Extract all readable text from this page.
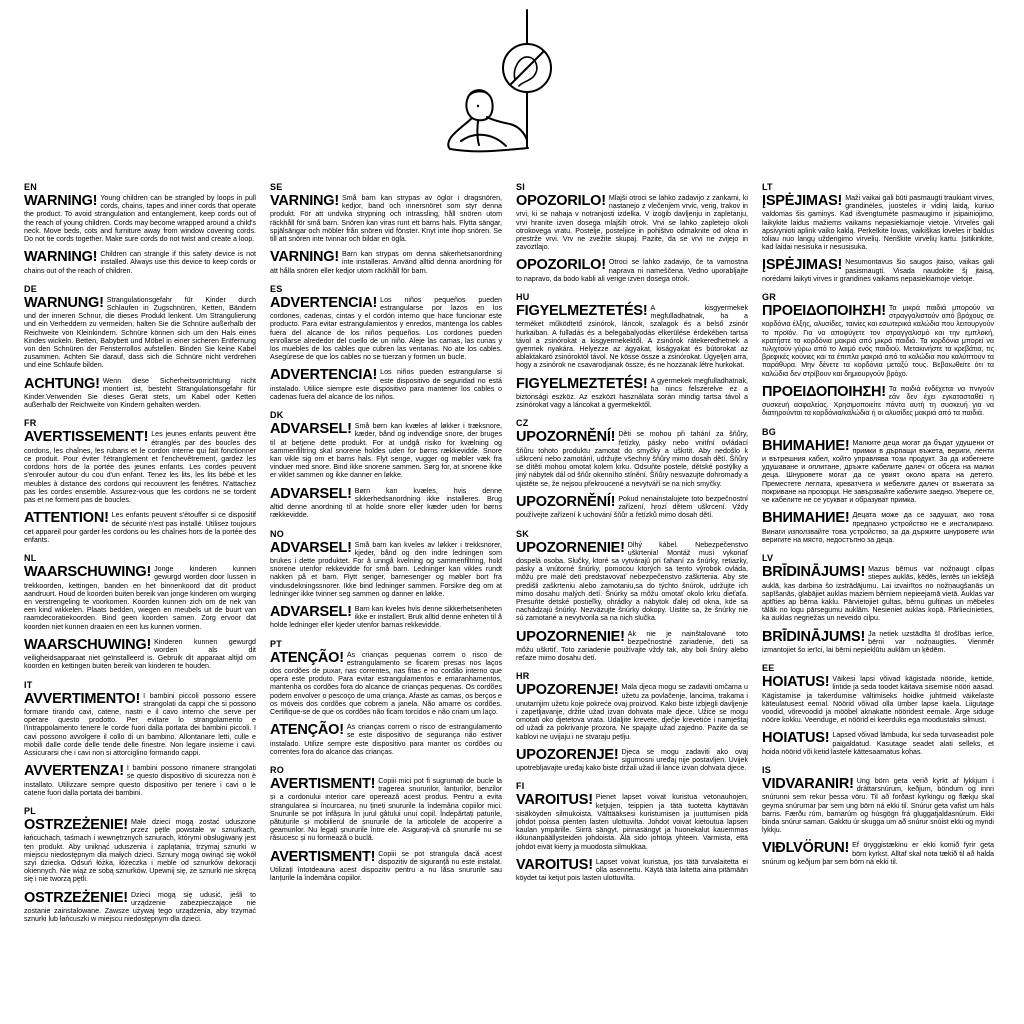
EN
WARNING! Young children can be strangled by loops in pull cords, chains, tapes and inner cords that operate the product. To avoid strangulation and entanglement, keep cords out of the reach of young children. Cords may become wrapped around a child's neck. Move beds, cots and furniture away from window covering cords. Do not tie cords together. Make sure cords do not twist and create a loop.
WARNING! Children can strangle if this safety device is not installed. Always use this device to keep cords or chains out of the reach of children.
DE
WARNUNG! Strangulationsgefahr für Kinder durch Schlaufen in Zugschnüren, Ketten, Bändern und der inneren Schnur, die dieses Produkt lenkent. Um Strangulierung und ein Verheddern zu vermeiden, halten Sie die Schnüre außerhalb der Reichweite von Kleinkindern. Schnüre können sich um den Hals eines Kindes wickeln. Betten, Babybett und Möbel in einer sicheren Entfernung von den Schnüren der Fensterrollos aufstellen. Binden Sie keine Kabel zusammen. Achten Sie darauf, dass sich die Schnüre nicht verdrehen und eine Schlaufe bilden.
ACHTUNG! Wenn diese Sicherheitsvorrichtung nicht montiert ist, besteht Strangulationsgefahr für Kinder.Verwenden Sie dieses Gerät stets, um Kabel oder Ketten außerhalb der Reichweite von Kindern gehalten werden.
FR
AVERTISSEMENT! Les jeunes enfants peuvent être étranglés par des boucles des cordons, les chaînes, les rubans et le cordon interne qui fait fonctionner ce produit. Pour éviter l'étranglement et l'enchevêtrement, gardez les cordons hors de la portée des jeunes enfants. Les cordes peuvent s'enrouler autour du cou d'un enfant. Tenez les lits, les lits bébé et les meubles à distance des cordons qui recouvrent les fenêtres. N'attachez pas les cordes ensemble. Assurez-vous que les cordons ne se tordent pas et ne forment pas de boucles.
ATTENTION! Les enfants peuvent s'étouffer si ce dispositif de sécurité n'est pas installé. Utilisez toujours cet appareil pour garder les cordons ou les chaînes hors de la portée des enfants.
NL
WAARSCHUWING! Jonge kinderen kunnen gewurgd worden door lussen in trekkoorden, kettingen, banden en het binnenkoord dat dit product aandruurt. Houd de koorden buiten bereik van jonge kinderen om wurging en verstrengeling te voorkomen. Koorden kunnen zich om de nek van een kind wikkelen. Plaats bedden, wiegen en meubels uit de buurt van raamdecoratiekoorden. Bind geen koorden samen. Zorg ervoor dat koorden niet kunnen draaien en een lus kunnen vormen.
WAARSCHUWING! Kinderen kunnen gewurgd worden als dit veiligheidsapparaat niet geïnstalleerd is. Gebruik dit apparaat altijd om koorden en kettingen buiten bereik van kinderen te houden.
IT
AVVERTIMENTO! I bambini piccoli possono essere strangolati da cappi che si possono formare tirando cavi, catene, nastri e il cavo interno che serve per operare questo prodotto. Per evitare lo strangolamento e l'intrappolamento tenere le corde fuori dalla portata dei bambini piccoli. I cavi possono avvolgere il collo di un bambino. Allontanare letti, culle e mobili dalle corde delle tende delle finestre. Non legare insieme i cavi. Assicurarsi che i cavi non si attorciglino formando cappi.
AVVERTENZA! I bambini possono rimanere strangolati se questo dispositivo di sicurezza non è installato. Utilizzare sempre questo dispositivo per tenere i cavi o le catene fuori dalla portata dei bambini.
PL
OSTRZEŻENIE! Małe dzieci mogą zostać uduszone przez pętle powstałe w sznurkach, łańcuchach, taśmach i wewnętrznych sznurach, którymi obsługiwany jest ten produkt. Aby uniknąć uduszenia i zaplątania, trzymaj sznurki w miejscu niedostępnym dla małych dzieci. Sznury mogą owinąć się wokół szyi dziecka. Odsuń łóżka, łóżeczka i meble od sznurków dekoracji okiennych. Nie wiąż ze sobą sznurków. Upewnij się, że sznurki nie skręcą się i nie tworzą pętli.
OSTRZEŻENIE! Dzieci mogą się udusić, jeśli to urządzenie zabezpieczające nie zostanie zainstalowane. Zawsze używaj tego urządzenia, aby trzymać sznurki lub łańcuszki w miejscu niedostępnym dla dzieci.
SE
VARNING! Små barn kan strypas av öglor i dragsnören, kedjor, band och innersnöret som styr denna produkt. För att undvika strypning och intrassling, håll snören utom räckhåll för små barn. Snören kan viras runt ett barns hals. Flytta sängar, spjälsängar och möbler från snören vid fönster. Knyt inte ihop snören. Se till att snören inte tvinnar och bildar en ögla.
VARNING! Barn kan strypas om denna säkerhetsanordning inte installeras. Använd alltid denna anordning för att hålla snören eller kedjor utom räckhåll för barn.
ES
ADVERTENCIA! Los niños pequeños pueden estrangularse por lazos en los cordones, cadenas, cintas y el cordón interno que hace funcionar este producto. Para evitar estrangulamientos y enredos, mantenga los cables fuera del alcance de los niños pequeños. Los cordones pueden enrollarse alrededor del cuello de un niño. Aleje las camas, las cunas y los muebles de los cables que cubren las ventanas. No ate los cables. Asegúrese de que los cables no se tuerzan y formen un bucle.
ADVERTENCIA! Los niños pueden estrangularse si este dispositivo de seguridad no está instalado. Utilice siempre este dispositivo para mantener los cables o cadenas fuera del alcance de los niños.
DK
ADVARSEL! Små børn kan kvæles af løkker i træksnore, kæder, bånd og indvendige snore, der bruges til at betjene dette produkt. For at undgå risiko for kvælning og sammenfiltring skal snorene holdes uden for børns rækkevidde. Snore kan vikle sig om et barns hals. Flyt senge, vugger og møbler væk fra vinduer med snore. Bind ikke snorene sammen. Sørg for, at snorene ikke er viklet sammen og ikke danner en løkke.
ADVARSEL! Børn kan kvæles, hvis denne sikkerhedsanordning ikke installeres. Brug altid denne anordning til at holde snore eller kæder uden for børns rækkevidde.
NO
ADVARSEL! Små barn kan kveles av løkker i trekksnorer, kjeder, bånd og den indre ledningen som brukes i dette produktet. For å unngå kvelning og sammenfiltring, hold snorene utenfor rekkevidde for små barn. Ledninger kan vikles rundt nakken på et barn. Flytt senger, barnesenger og møbler bort fra vindusdekningssnorer. Ikke bind ledninger sammen. Forsikre deg om at ledninger ikke tvinner seg sammen og danner en løkke.
ADVARSEL! Barn kan kveles hvis denne sikkerhetsenheten ikke er installert. Bruk alltid denne enheten til å holde ledninger eller kjeder utenfor barnas rekkevidde.
PT
ATENÇÃO! As crianças pequenas correm o risco de estrangulamento se ficarem presas nos laços dos cordões de puxar, nas correntes, nas fitas e no cordão interno que opera este produto. Para evitar estrangulamentos e emaranhamentos, mantenha os cordões fora do alcance de crianças pequenas. Os cordões podem envolver o pescoço de uma criança. Afaste as camas, os berços e os móveis dos cordões que cobrem a janela. Não amarre os cordões. Certifique-se de que os cordões não ficam torcidos e não criam um laço.
ATENÇÃO! As crianças correm o risco de estrangulamento se este dispositivo de segurança não estiver instalado. Utilize sempre este dispositivo para manter os cordões ou correntes fora do alcance das crianças.
RO
AVERTISMENT! Copiii mici pot fi sugrumați de bucle la tragerea snururilor, lanțurilor, benzilor și a cordonului interior care operează acest produs. Pentru a evita strangularea si încurcarea, nu țineți snururile la îndemâna copiilor mici. Snururile se pot înfășura în jurul gâtului unui copil. Îndepărtați paturile, pătuțurile și mobilierul de șnururile de la articolele de acoperire a geamurilor. Nu legați șnururile între ele. Asigurați-vă că șnururile nu se răsucesc și nu formează o buclă.
AVERTISMENT! Copiii se pot strangula dacă acest dispozitiv de siguranță nu este instalat. Utilizați întotdeauna acest dispozitiv pentru a nu lăsa snururile sau lanțurile la îndemâna copiilor.
SI
OPOZORILO! Mlajši otroci se lahko zadavijo z zankami, ki nastanejo z vlečenjem vrvic, verig, trakov in vrvi, ki se nahaja v notranjosti izdelka. V izogib davljenju in zapletanju, vrvi hranite izven dosega mlajših otrok. Vrvi se lahko zapletejo okoli otrokovega vratu. Postelje, posteljice in pohištvo odmaknite od okna in prestrže vrvi. Vrv ne zvežite skupaj. Pazite, da se vrvi ne zvijejo in zavoztlajo.
OPOZORILO! Otroci se lahko zadavijo, če ta varnostna naprava ni nameščena. Vedno uporabljajte to napravo, da bodo kabli ali verige izven dosega otrok.
HU
FIGYELMEZTETÉS! A kisgyermekek megfulladhatnak, ha a terméket működtető zsinórok, láncok, szalagok és a belső zsinór hurkaiban. A fulladás és a belegabalyodás elkerülése érdekében tartsa távol a zsinórokat a kisgyermekektől. A zsinórok rátekeredhetnek a gyermek nyakára. Helyezze az ágyakat, kiságyakat és bútorokat az ablaktakaró zsinóroktól távol. Ne kösse össze a zsinórokat. Ügyeljen arra, hogy a zsinórok ne csavarodjanak össze, és ne hozzanak létre hurkokat.
FIGYELMEZTETÉS! A gyermekek megfulladhatnak, ha nincs felszerelve ez a biztonsági eszköz. Az eszközt használata során mindig tartsa távol a zsinórokat vagy a láncokat a gyermekektől.
CZ
UPOZORNĚNÍ! Děti se mohou při tahání za šňůry, řetízky, pásky nebo vnitřní ovládací šňůru tohoto produktu zamotat do smyčky a uškrtit. Aby nedošlo k uškrcení nebo zamotání, udržujte všechny šňůry mimo dosah dětí. Šňůry se dítěti mohou omotat kolem krku. Odsuňte postele, dětské postýlky a jiný nábytek dál od šňůr okenního stínění. Šňůry nesvazujte dohromady a ujistěte se, že nejsou překroucené a nevytváří se na nich smyčky.
UPOZORNĚNÍ! Pokud nenainstalujete toto bezpečnostní zařízení, hrozí dětem uškrcení. Vždy používejte zařízení k uchování šňůr a řetízků mimo dosah dětí.
SK
UPOZORNENIE! Dlhý kábel. Nebezpečenstvo uškrtenia! Montáž musí vykonať dospelá osoba. Slučky, ktoré sa vytvárajú pri ťahaní za šnúrky, retiazky, pásky a vnútorné šnúrky, pomocou ktorých sa tento výrobok ovláda, môžu pre malé deti predstavovať nebezpečenstvo zaškrtenia. Aby ste predišli zaškrteniu alebo zamotaniu,sa do týchto šnúrok, udržujte ich mimo dosahu malých detí. Šnúrky sa môžu omotať okolo krku dieťaťa. Presuňte detské postieľky, ohrádky a nábytok ďalej od okna, kde sa nachádzajú šnúrky. Nezväzujte šnúrky dokopy. Uistite sa, že šnúrky nie sú zamotané a nevytvorila sa na nich slučka.
UPOZORNENIE! Ak nie je nainštalované toto bezpečnostné zariadenie, deti sa môžu uškrtiť. Toto zariadenie používajte vždy tak, aby boli šnúry alebo reťaze mimo dosahu detí.
HR
UPOZORENJE! Mala djeca mogu se zadaviti omčama u užetu za povlačenje, lancima, trakama i unutarnjim užetu koje pokreće ovaj proizvod. Kako biste izbjegli davljenje i zapetljavanje, držite užad izvan dohvata male djece. Užice se mogu omotati oko djetetova vrata. Udaljite krevete, dječje krevetiće i namještaj od užadi za pokrivanje prozora. Ne spajajte užad zajedno. Pazite da se kablovi ne uvijaju i ne stvaraju petlju.
UPOZORENJE! Djeca se mogu zadaviti ako ovaj sigurnosni uređaj nije postavljen. Uvijek upotrebljavajte uređaj kako biste držali užad ili lance izvan dohvata djece.
FI
VAROITUS! Pienet lapset voivat kuristua vetonauhojen, ketjujen, teippien ja tätä tuotetta käyttävän sisäköyden silmukoista. Välttääksesi kuristumisen ja juuttumisen pidä johdot poissa pienten lasten ulottuvilta. Johdot voivat kietoutua lapsen kaulan ympärille. Siirrä sängyt, pinnasängyt ja huonekalut kauemmas ikkunanpäällysteiden johdoista. Älä sido johtoja yhteen. Varmista, että johdot eivät kierry ja muodosta silmukkaa.
VAROITUS! Lapset voivat kuristua, jos tätä turvalaitetta ei olla asennettu. Käytä tätä laitetta aina pitämään köydet tai ketjut pois lasten ulottuvilta.
LT
ĮSPĖJIMAS! Maži vaikai gali būti pasmaugti traukiant virves, grandinėles, juosteles ir vidinį laidą, kuriuo valdomas šis gaminys. Kad išvengtumėte pasmaugimo ir įsipainiojimo, laikykite laidus mažiems vaikams nepasiekiamoje vietoje. Virvelės gali apsivynioti aplink vaiko kaklą. Perkelkite lovas, vaikiškas loveles ir baldus toliau nuo langų uždengimo virvelių. Neriškite virvelių kartu. Įsitikinkite, kad laidai nesisuka ir nesusisuka.
ĮSPĖJIMAS! Nesumontavus šio saugos įtaiso, vaikas gali pasismaugti. Visada naudokite šį įtaisą, norėdami laikyti virves ir grandines vaikams nepasiekiamoje vietoje.
GR
ΠΡΟΕΙΔΟΠΟΙΗΣΗ! Τα μικρά παιδιά μπορούν να στραγγαλιστούν από βρόχους σε κορδόνια έλξης, αλυσίδες, ταινίες και εσωτερικά καλώδια που λειτουργούν το προϊόν. Για να αποφύγετε τον στραγγαλισμό και την εμπλοκή, κρατήστε τα κορδόνια μακριά από μικρά παιδιά. Τα κορδόνια μπορεί να τυλιχτούν γύρω από το λαιμό ενός παιδιού. Μετακινήστε τα κρεβάτια, τις βρεφικές κούνιες και τα έπιπλα μακριά από τα καλώδια που καλύπτουν τα παράθυρα. Μην δένετε τα κορδόνια μεταξύ τους. Βεβαιωθείτε ότι τα καλώδια δεν στρίβουν και δημιουργούν βρόχο.
ΠΡΟΕΙΔΟΠΟΙΗΣΗ! Τα παιδιά ενδέχεται να πνιγούν εάν δεν έχει εγκατασταθεί η συσκευή ασφαλείας. Χρησιμοποιείτε πάντα αυτή τη συσκευή για να διατηρούνται τα κορδόνια/καλώδια ή οι αλυσίδες μακριά από τα παιδιά.
BG
ВНИМАНИЕ! Малките деца могат да бъдат удушени от примки в дърпащи въжета, вериги, ленти и вътрешния кабел, който управлява този продукт. За да избегнете удушаване и оплитане, дръжте кабелите далеч от обсега на малки деца. Шнуровете могат да се увият около врата на детето. Преместете леглата, креватчета и мебелите далеч от въжетата за покриване на прозорци. Не завързвайте кабелите заедно. Уверете се, че кабелите не се усукват и образуват примка.
ВНИМАНИЕ! Децата може да се задушат, ако това предпазно устройство не е инсталирано. Винаги използвайте това устройство, за да държите шнуровете или веригите на място, недостъпно за деца.
LV
BRĪDINĀJUMS! Mazus bērnus var nožņaugt cilpas stiepes auklās, ķēdēs, lentēs un iekšējā auklā, kas darbina šo izstrādājumu. Lai izvairītos no nožņaugšanās un sapīšanās, glabājiet auklas maziem bērniem nepieejamā vietā. Auklas var aptīties ap bērna kaklu. Pārvietojiet gultas, bērnu gultiņas un mēbeles tālāk no logu pārsegumu auklām. Nesieniet auklas kopā. Pārliecinieties, ka auklas negriežas un neveido cilpu.
BRĪDINĀJUMS! Ja netiek uzstādīta šī drošības ierīce, bērni var nožņaugties. Vienmēr izmantojiet šo ierīci, lai bērni nepiekļūtu auklām un ķēdēm.
EE
HOIATUS! Väikesi lapsi võivad kägistada nööride, kettide, lintide ja seda toodet käitava sisemise nööri aasad. Kägistamise ja takerdumise vältimiseks hoidke juhtmeid väikelaste käteulatusest eemal. Nöörid võivad olla ümber lapse kaela. Liigutage voodid, võrevoodid ja mööbel aknakatte nööridest eemale. Ärge siduge nööre kokku. Veenduge, et nöörid ei keerduks ega moodustaks silmust.
HOIATUS! Lapsed võivad lämbuda, kui seda turvaseadist pole paigaldatud. Kasutage seadet alati selleks, et hoida nöörid või ketid lastele kättesaamatus kohas.
IS
VIDVARANIR! Ung börn geta verið kyrkt af lykkjum í dráttarsnúrum, keðjum, böndum og innri snúrunni sem rekur þessa vöru. Til að forðast kyrkingu og flækju skal geyma snúrurnar þar sem ung börn ná ekki til. Snúrur geta vafist um háls barns. Færðu rúm, barnarúm og húsgögn frá gluggatjaldasnúrum. Ekki binda snúrur saman. Gakktu úr skugga um að snúrur snúist ekki og myndi lykkju.
VIÐLVÖRUN! Ef öryggistækinu er ekki komið fyrir geta börn kyrkst. Alltaf skal nota tækið til að halda snúrum og keðjum þar sem börn ná ekki til.
